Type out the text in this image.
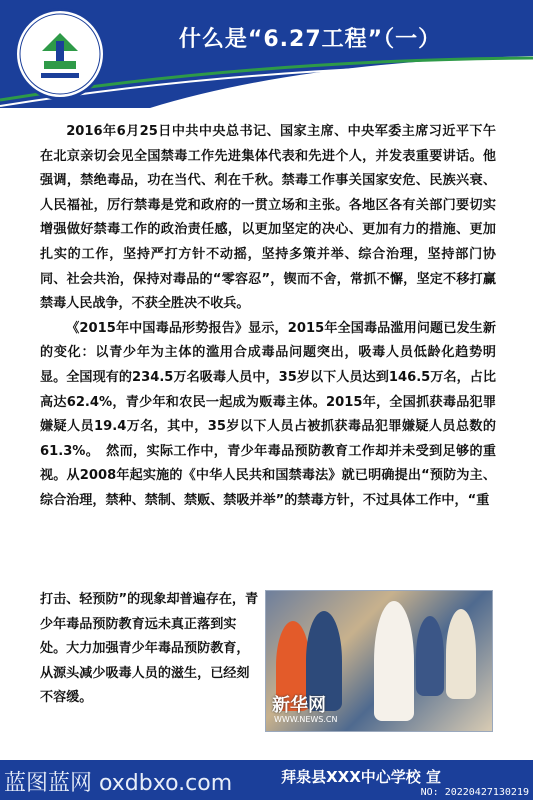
什么是“6.27工程”（一）

2016年6月25日中共中央总书记、国家主席、中央军委主席习近平下午在北京亲切会见全国禁毒工作先进集体代表和先进个人，并发表重要讲话。他强调，禁绝毒品，功在当代、利在千秋。禁毒工作事关国家安危、民族兴衰、人民福祉，厉行禁毒是党和政府的一贯立场和主张。各地区各有关部门要切实增强做好禁毒工作的政治责任感，以更加坚定的决心、更加有力的措施、更加扎实的工作，坚持严打方针不动摇，坚持多策并举、综合治理，坚持部门协同、社会共治，保持对毒品的“零容忍”，锲而不舍，常抓不懈，坚定不移打赢禁毒人民战争，不获全胜决不收兵。

《2015年中国毒品形势报告》显示，2015年全国毒品滥用问题已发生新的变化：以青少年为主体的滥用合成毒品问题突出，吸毒人员低龄化趋势明显。全国现有的234.5万名吸毒人员中，35岁以下人员达到146.5万名，占比高达62.4%，青少年和农民一起成为贩毒主体。2015年，全国抓获毒品犯罪嫌疑人员19.4万名，其中，35岁以下人员占被抓获毒品犯罪嫌疑人员总数的61.3%。　然而，实际工作中，青少年毒品预防教育工作却并未受到足够的重视。从2008年起实施的《中华人民共和国禁毒法》就已明确提出“预防为主、综合治理，禁种、禁制、禁贩、禁吸并举”的禁毒方针，不过具体工作中，“重

打击、轻预防”的现象却普遍存在，青少年毒品预防教育远未真正落到实处。大力加强青少年毒品预防教育，从源头减少吸毒人员的滋生，已经刻不容缓。	新华网
WWW.NEWS.CN
蓝图蓝网 oxdbxo.com	拜泉县XXX中心学校 宣
NO: 20220427130219
